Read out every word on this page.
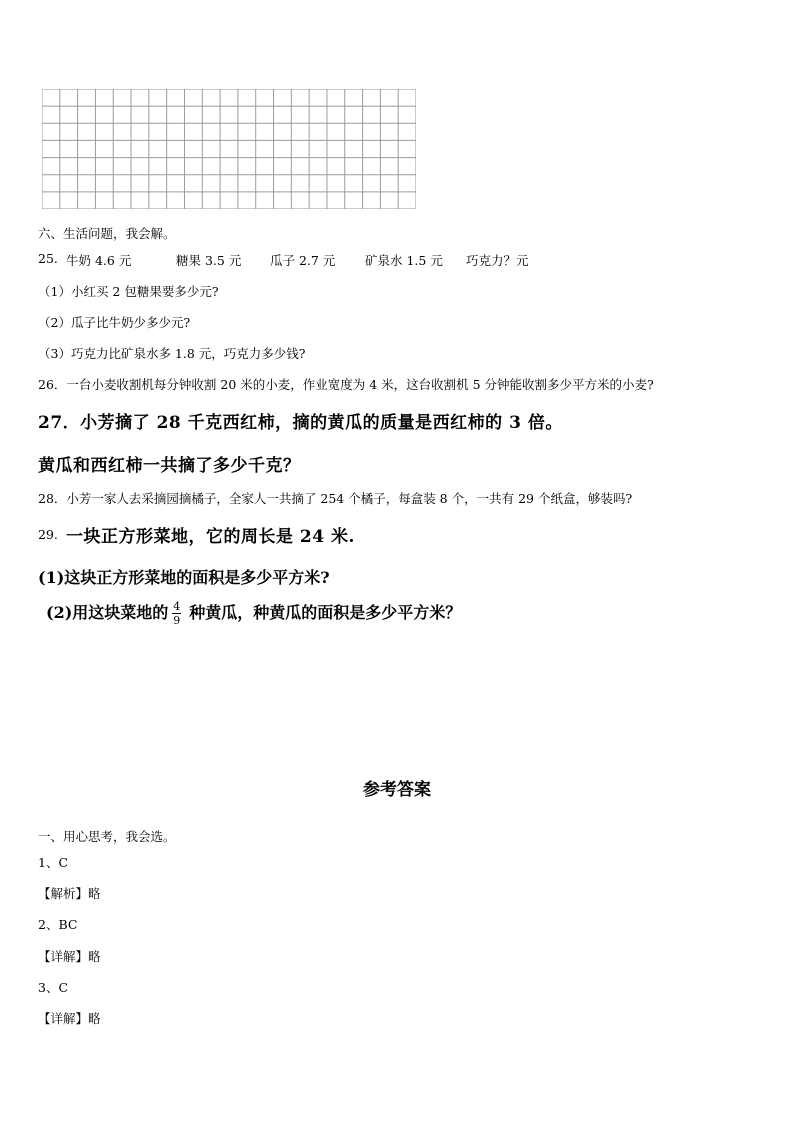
六、生活问题，我会解。
25. 牛奶 4.6 元	糖果 3.5 元 瓜子 2.7 元 矿泉水 1.5 元 巧克力？元
（1）小红买 2 包糖果要多少元?
（2）瓜子比牛奶少多少元?
（3）巧克力比矿泉水多 1.8 元，巧克力多少钱?
26．一台小麦收割机每分钟收割 20 米的小麦，作业宽度为 4 米，这台收割机 5 分钟能收割多少平方米的小麦?
27．小芳摘了 28 千克西红柿，摘的黄瓜的质量是西红柿的 3 倍。
黄瓜和西红柿一共摘了多少千克？
28．小芳一家人去采摘园摘橘子，全家人一共摘了 254 个橘子，每盒装 8 个，一共有 29 个纸盒，够装吗?
29. 一块正方形菜地，它的周长是 24 米.
(1)这块正方形菜地的面积是多少平方米?
(2)用这块菜地的 $\frac{4}{9}$ 种黄瓜，种黄瓜的面积是多少平方米？
参考答案
一、用心思考，我会选。
1、C
【解析】略
2、BC
【详解】略
3、C
【详解】略
